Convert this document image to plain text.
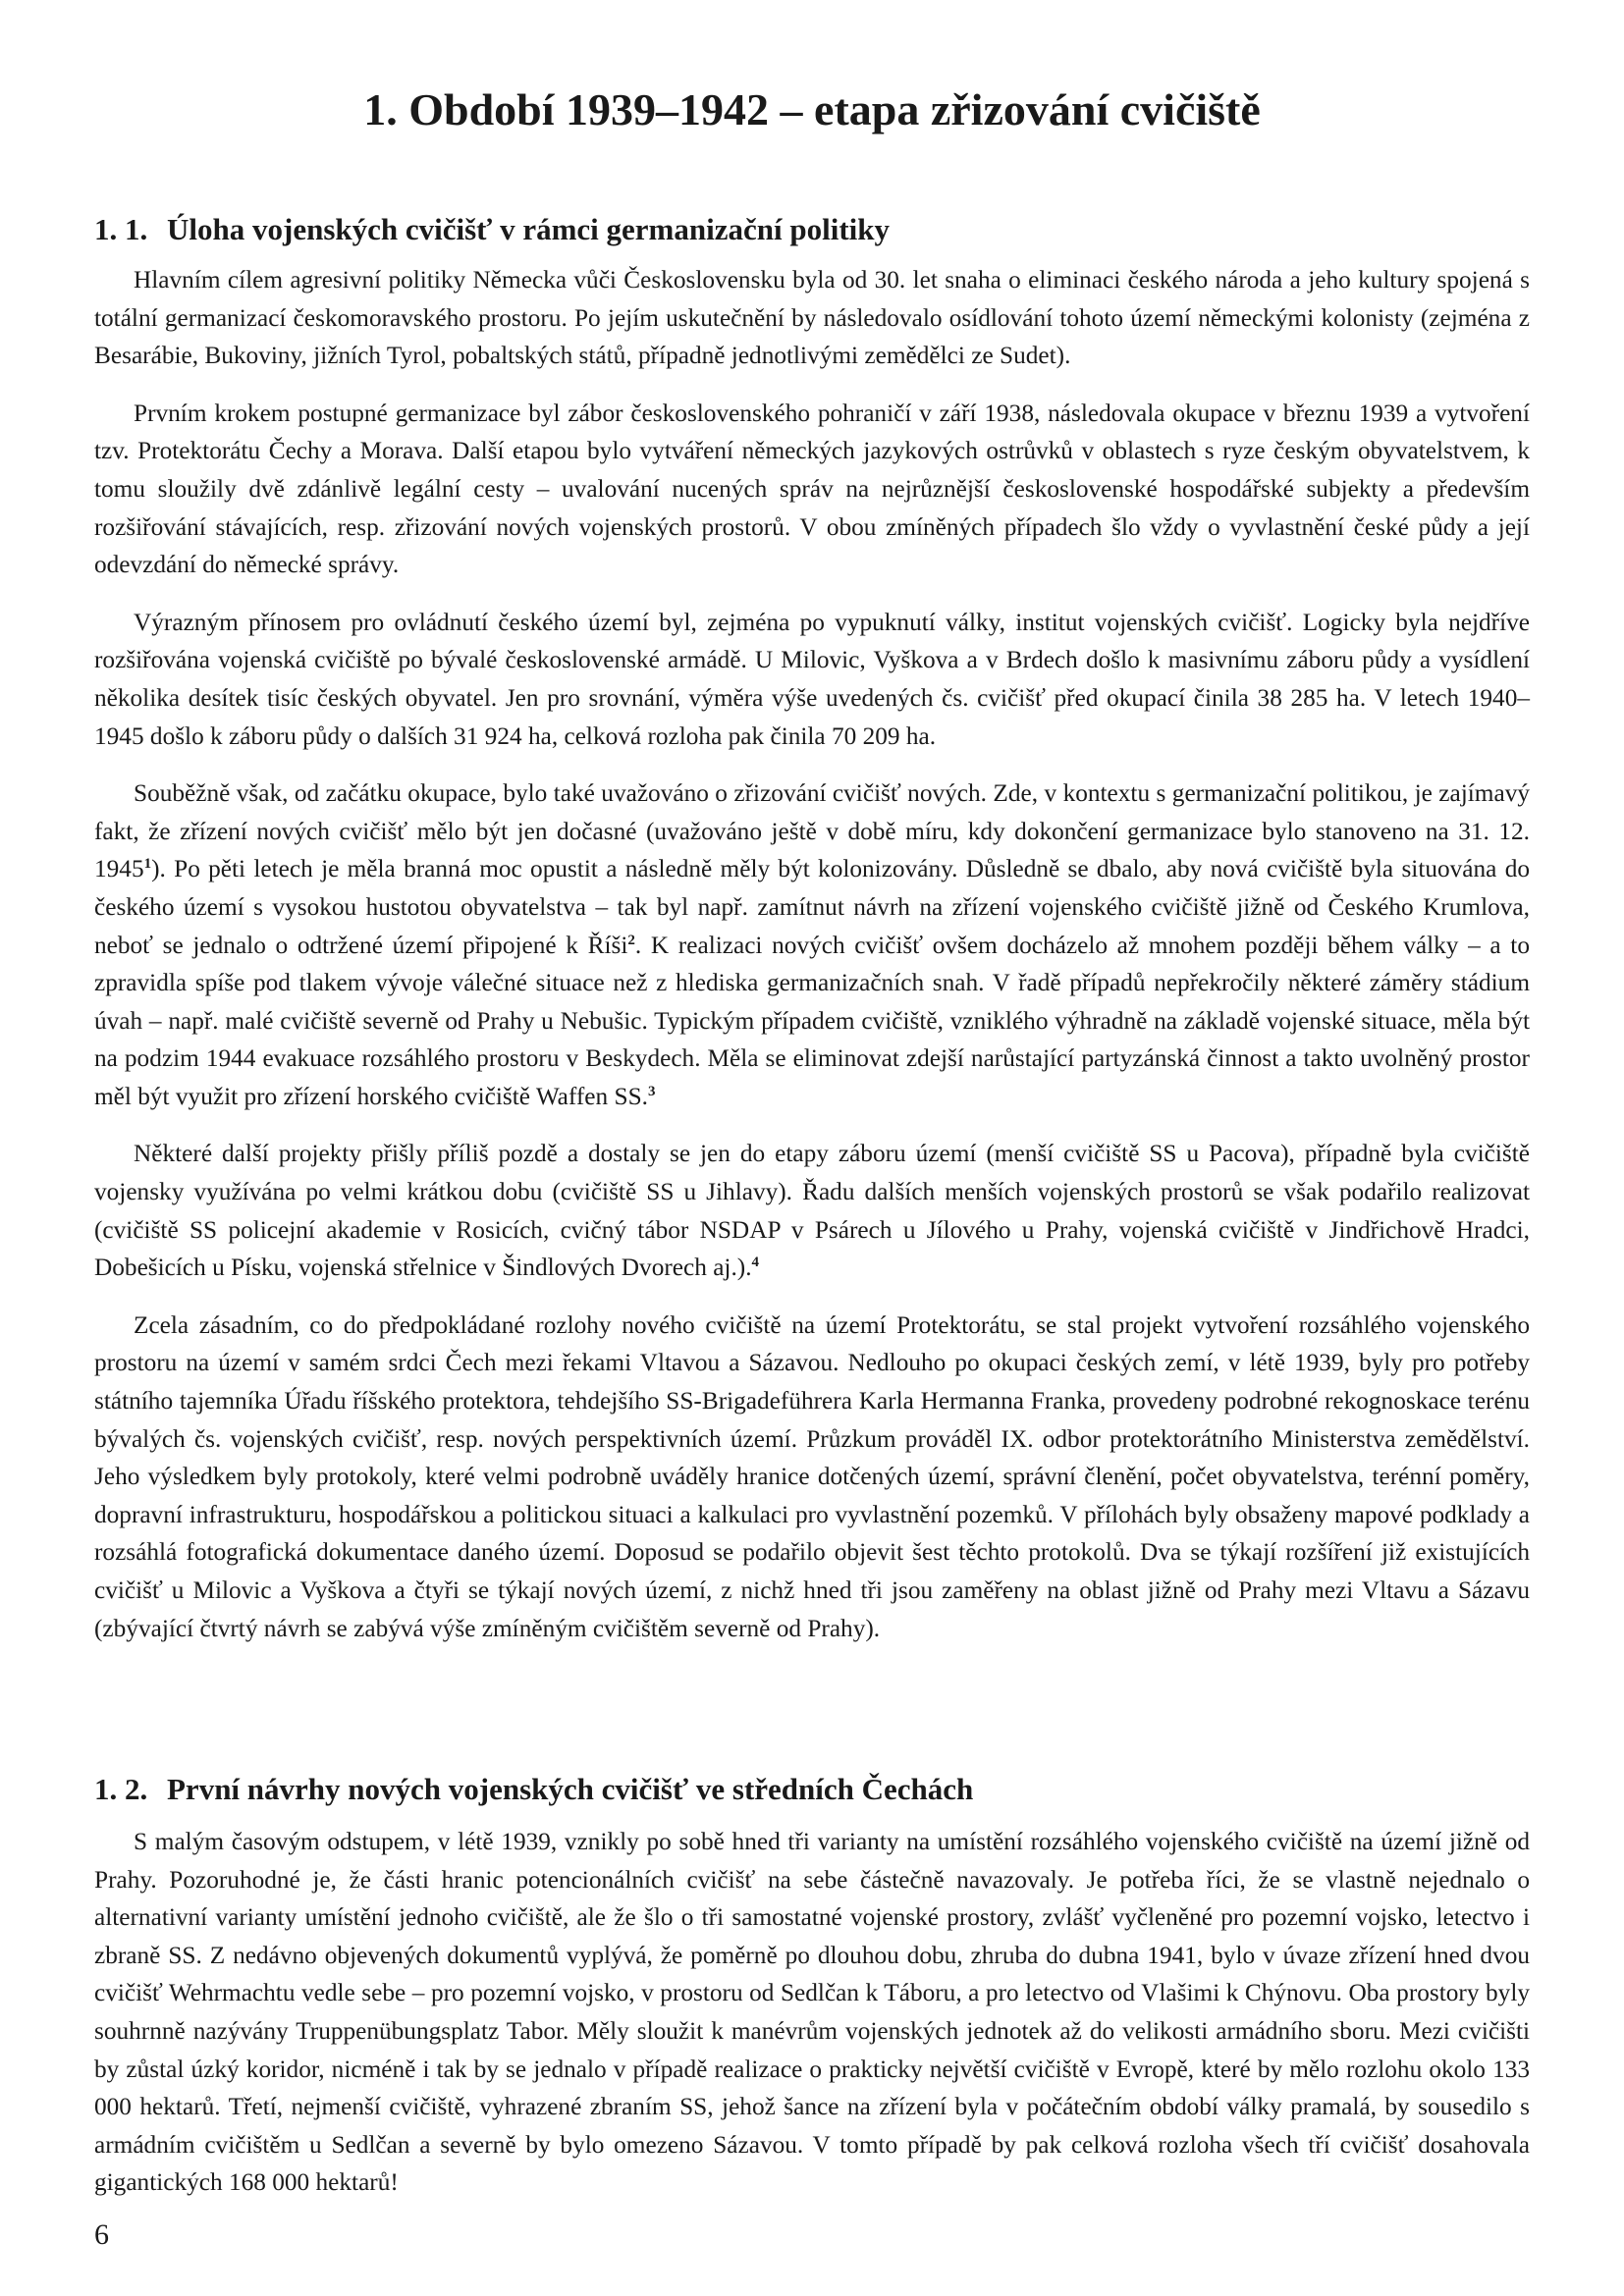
1. Období 1939–1942 – etapa zřizování cvičiště
1. 1. Úloha vojenských cvičišť v rámci germanizační politiky

Hlavním cílem agresivní politiky Německa vůči Československu byla od 30. let snaha o eliminaci českého národa a jeho kultury spojená s totální germanizací českomoravského prostoru. Po jejím uskutečnění by následovalo osídlování tohoto území německými kolonisty (zejména z Besarábie, Bukoviny, jižních Tyrol, pobaltských států, případně jednotlivými zemědělci ze Sudet).

Prvním krokem postupné germanizace byl zábor československého pohraničí v září 1938, následovala okupace v březnu 1939 a vytvoření tzv. Protektorátu Čechy a Morava. Další etapou bylo vytváření německých jazykových ostrůvků v oblastech s ryze českým obyvatelstvem, k tomu sloužily dvě zdánlivě legální cesty – uvalování nucených správ na nejrůznější československé hospodářské subjekty a především rozšiřování stávajících, resp. zřizování nových vojenských prostorů. V obou zmíněných případech šlo vždy o vyvlastnění české půdy a její odevzdání do německé správy.

Výrazným přínosem pro ovládnutí českého území byl, zejména po vypuknutí války, institut vojenských cvičišť. Logicky byla nejdříve rozšiřována vojenská cvičiště po bývalé československé armádě. U Milovic, Vyškova a v Brdech došlo k masivnímu záboru půdy a vysídlení několika desítek tisíc českých obyvatel. Jen pro srovnání, výměra výše uvedených čs. cvičišť před okupací činila 38 285 ha. V letech 1940–1945 došlo k záboru půdy o dalších 31 924 ha, celková rozloha pak činila 70 209 ha.

Souběžně však, od začátku okupace, bylo také uvažováno o zřizování cvičišť nových. Zde, v kontextu s germanizační politikou, je zajímavý fakt, že zřízení nových cvičišť mělo být jen dočasné (uvažováno ještě v době míru, kdy dokončení germanizace bylo stanoveno na 31. 12. 1945$^1$). Po pěti letech je měla branná moc opustit a následně měly být kolonizovány. Důsledně se dbalo, aby nová cvičiště byla situována do českého území s vysokou hustotou obyvatelstva – tak byl např. zamítnut návrh na zřízení vojenského cvičiště jižně od Českého Krumlova, neboť se jednalo o odtržené území připojené k Říši$^2$. K realizaci nových cvičišť ovšem docházelo až mnohem později během války – a to zpravidla spíše pod tlakem vývoje válečné situace než z hlediska germanizačních snah. V řadě případů nepřekročily některé záměry stádium úvah – např. malé cvičiště severně od Prahy u Nebušic. Typickým případem cvičiště, vzniklého výhradně na základě vojenské situace, měla být na podzim 1944 evakuace rozsáhlého prostoru v Beskydech. Měla se eliminovat zdejší narůstající partyzánská činnost a takto uvolněný prostor měl být využit pro zřízení horského cvičiště Waffen SS.$^3$

Některé další projekty přišly příliš pozdě a dostaly se jen do etapy záboru území (menší cvičiště SS u Pacova), případně byla cvičiště vojensky využívána po velmi krátkou dobu (cvičiště SS u Jihlavy). Řadu dalších menších vojenských prostorů se však podařilo realizovat (cvičiště SS policejní akademie v Rosicích, cvičný tábor NSDAP v Psárech u Jílového u Prahy, vojenská cvičiště v Jindřichově Hradci, Dobešicích u Písku, vojenská střelnice v Šindlových Dvorech aj.).$^4$

Zcela zásadním, co do předpokládané rozlohy nového cvičiště na území Protektorátu, se stal projekt vytvoření rozsáhlého vojenského prostoru na území v samém srdci Čech mezi řekami Vltavou a Sázavou. Nedlouho po okupaci českých zemí, v létě 1939, byly pro potřeby státního tajemníka Úřadu říšského protektora, tehdejšího SS-Brigadeführera Karla Hermanna Franka, provedeny podrobné rekognoskace terénu bývalých čs. vojenských cvičišť, resp. nových perspektivních území. Průzkum prováděl IX. odbor protektorátního Ministerstva zemědělství. Jeho výsledkem byly protokoly, které velmi podrobně uváděly hranice dotčených území, správní členění, počet obyvatelstva, terénní poměry, dopravní infrastrukturu, hospodářskou a politickou situaci a kalkulaci pro vyvlastnění pozemků. V přílohách byly obsaženy mapové podklady a rozsáhlá fotografická dokumentace daného území. Doposud se podařilo objevit šest těchto protokolů. Dva se týkají rozšíření již existujících cvičišť u Milovic a Vyškova a čtyři se týkají nových území, z nichž hned tři jsou zaměřeny na oblast jižně od Prahy mezi Vltavu a Sázavu (zbývající čtvrtý návrh se zabývá výše zmíněným cvičištěm severně od Prahy).

1. 2. První návrhy nových vojenských cvičišť ve středních Čechách

S malým časovým odstupem, v létě 1939, vznikly po sobě hned tři varianty na umístění rozsáhlého vojenského cvičiště na území jižně od Prahy. Pozoruhodné je, že části hranic potencionálních cvičišť na sebe částečně navazovaly. Je potřeba říci, že se vlastně nejednalo o alternativní varianty umístění jednoho cvičiště, ale že šlo o tři samostatné vojenské prostory, zvlášť vyčleněné pro pozemní vojsko, letectvo i zbraně SS. Z nedávno objevených dokumentů vyplývá, že poměrně po dlouhou dobu, zhruba do dubna 1941, bylo v úvaze zřízení hned dvou cvičišť Wehrmachtu vedle sebe – pro pozemní vojsko, v prostoru od Sedlčan k Táboru, a pro letectvo od Vlašimi k Chýnovu. Oba prostory byly souhrnně nazývány Truppenübungsplatz Tabor. Měly sloužit k manévrům vojenských jednotek až do velikosti armádního sboru. Mezi cvičišti by zůstal úzký koridor, nicméně i tak by se jednalo v případě realizace o prakticky největší cvičiště v Evropě, které by mělo rozlohu okolo 133 000 hektarů. Třetí, nejmenší cvičiště, vyhrazené zbraním SS, jehož šance na zřízení byla v počátečním období války pramalá, by sousedilo s armádním cvičištěm u Sedlčan a severně by bylo omezeno Sázavou. V tomto případě by pak celková rozloha všech tří cvičišť dosahovala gigantických 168 000 hektarů!

6
